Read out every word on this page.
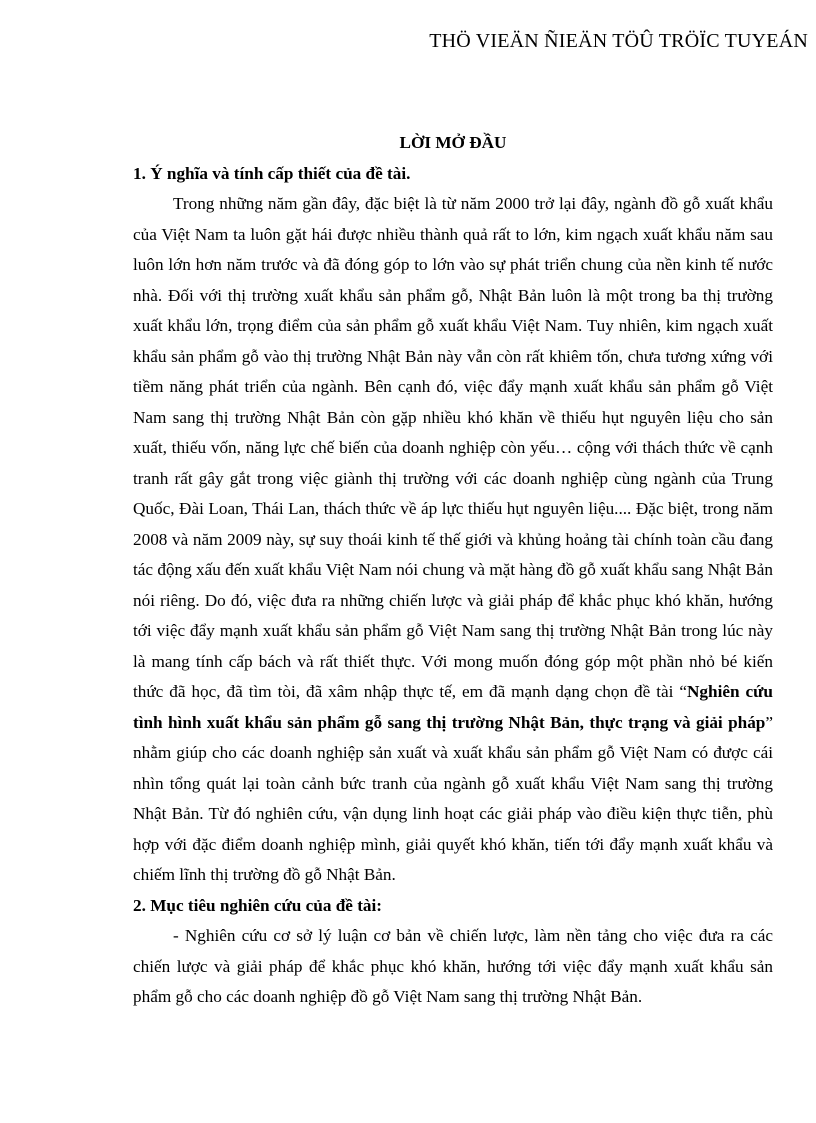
THÖ VIEÄN ÑIEÄN TÖÛ TRÖÏC TUYEÁN
LỜI MỞ ĐẦU
1. Ý nghĩa và tính cấp thiết của đề tài.

Trong những năm gần đây, đặc biệt là từ năm 2000 trở lại đây, ngành đồ gỗ xuất khẩu của Việt Nam ta luôn gặt hái được nhiều thành quả rất to lớn, kim ngạch xuất khẩu năm sau luôn lớn hơn năm trước và đã đóng góp to lớn vào sự phát triển chung của nền kinh tế nước nhà. Đối với thị trường xuất khẩu sản phẩm gỗ, Nhật Bản luôn là một trong ba thị trường xuất khẩu lớn, trọng điểm của sản phẩm gỗ xuất khẩu Việt Nam. Tuy nhiên, kim ngạch xuất khẩu sản phẩm gỗ vào thị trường Nhật Bản này vẫn còn rất khiêm tốn, chưa tương xứng với tiềm năng phát triển của ngành. Bên cạnh đó, việc đẩy mạnh xuất khẩu sản phẩm gỗ Việt Nam sang thị trường Nhật Bản còn gặp nhiều khó khăn về thiếu hụt nguyên liệu cho sản xuất, thiếu vốn, năng lực chế biến của doanh nghiệp còn yếu… cộng với thách thức về cạnh tranh rất gây gắt trong việc giành thị trường với các doanh nghiệp cùng ngành của Trung Quốc, Đài Loan, Thái Lan, thách thức về áp lực thiếu hụt nguyên liệu.... Đặc biệt, trong năm 2008 và năm 2009 này, sự suy thoái kinh tế thế giới và khủng hoảng tài chính toàn cầu đang tác động xấu đến xuất khẩu Việt Nam nói chung và mặt hàng đồ gỗ xuất khẩu sang Nhật Bản nói riêng. Do đó, việc đưa ra những chiến lược và giải pháp để khắc phục khó khăn, hướng tới việc đẩy mạnh xuất khẩu sản phẩm gỗ Việt Nam sang thị trường Nhật Bản trong lúc này là mang tính cấp bách và rất thiết thực. Với mong muốn đóng góp một phần nhỏ bé kiến thức đã học, đã tìm tòi, đã xâm nhập thực tế, em đã mạnh dạng chọn đề tài “Nghiên cứu tình hình xuất khẩu sản phẩm gỗ sang thị trường Nhật Bản, thực trạng và giải pháp” nhằm giúp cho các doanh nghiệp sản xuất và xuất khẩu sản phẩm gỗ Việt Nam có được cái nhìn tổng quát lại toàn cảnh bức tranh của ngành gỗ xuất khẩu Việt Nam sang thị trường Nhật Bản. Từ đó nghiên cứu, vận dụng linh hoạt các giải pháp vào điều kiện thực tiễn, phù hợp với đặc điểm doanh nghiệp mình, giải quyết khó khăn, tiến tới đẩy mạnh xuất khẩu và chiếm lĩnh thị trường đồ gỗ Nhật Bản.

2. Mục tiêu nghiên cứu của đề tài:

- Nghiên cứu cơ sở lý luận cơ bản về chiến lược, làm nền tảng cho việc đưa ra các chiến lược và giải pháp để khắc phục khó khăn, hướng tới việc đẩy mạnh xuất khẩu sản phẩm gỗ cho các doanh nghiệp đồ gỗ Việt Nam sang thị trường Nhật Bản.
